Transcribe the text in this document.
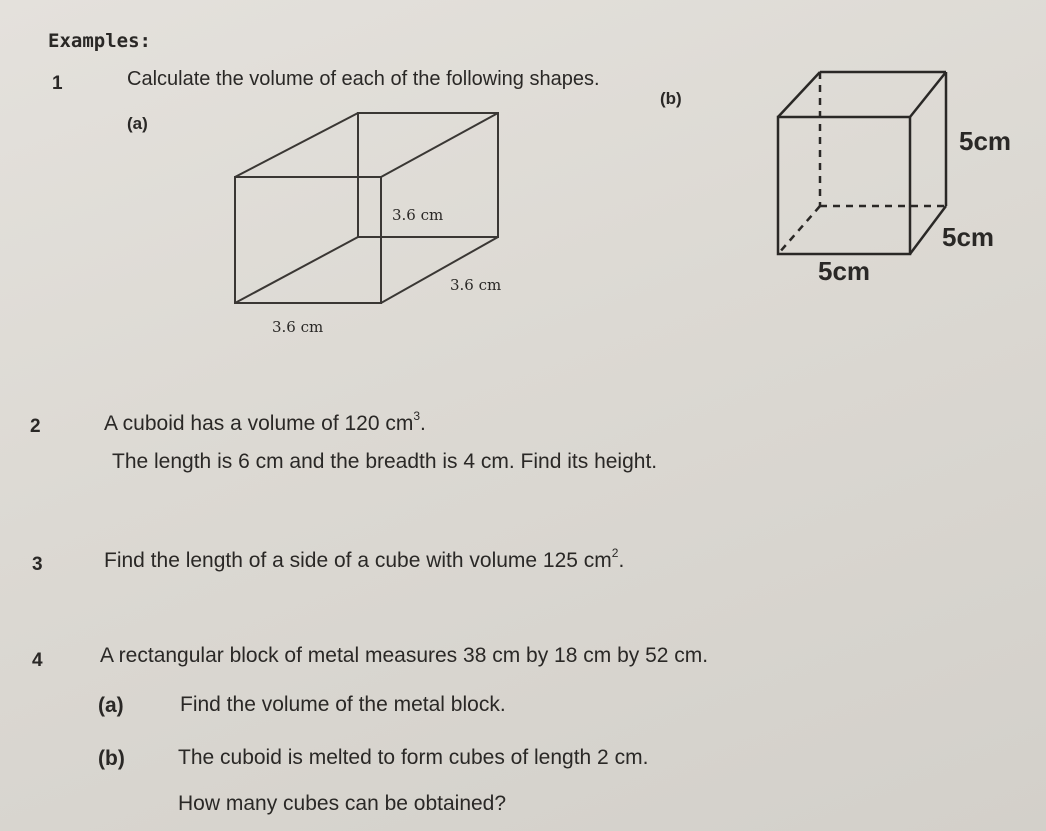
Examples:
1	Calculate the volume of each of the following shapes.
(a)
(b)
3.6 cm
3.6 cm
3.6 cm
5cm
5cm
5cm
2	A cuboid has a volume of 120 $cm^3$.
The length is 6 cm and the breadth is 4 cm. Find its height.
3	Find the length of a side of a cube with volume 125 $cm^2$.
4	A rectangular block of metal measures 38 cm by 18 cm by 52 cm.
(a)	Find the volume of the metal block.
(b)	The cuboid is melted to form cubes of length 2 cm.
How many cubes can be obtained?
